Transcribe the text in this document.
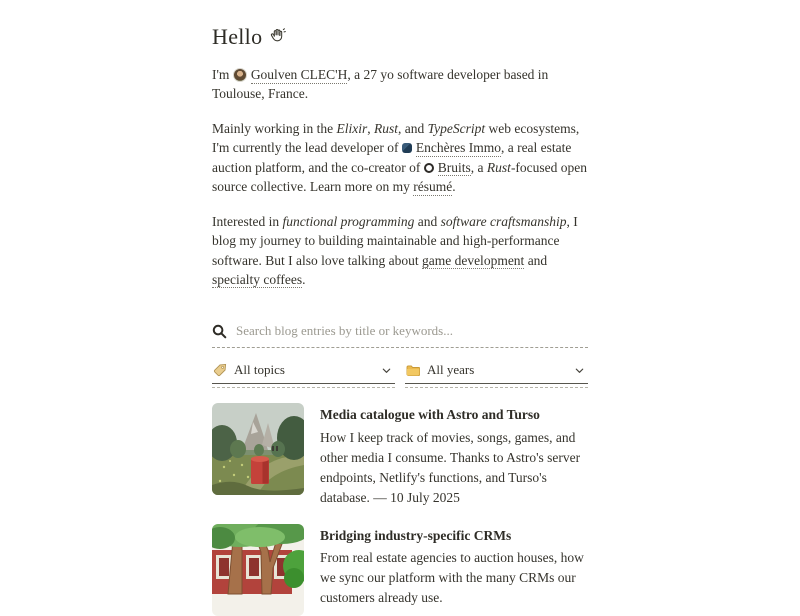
Hello

I'm Goulven CLEC'H, a 27 yo software developer based in Toulouse, France.

Mainly working in the Elixir, Rust, and TypeScript web ecosystems, I'm currently the lead developer of Enchères Immo, a real estate auction platform, and the co-creator of Bruits, a Rust-focused open source collective. Learn more on my résumé.

Interested in functional programming and software craftsmanship, I blog my journey to building maintainable and high-performance software. But I also love talking about game development and specialty coffees.

Search blog entries by title or keywords...
All topics	All years
Media catalogue with Astro and Turso
How I keep track of movies, songs, games, and other media I consume. Thanks to Astro's server endpoints, Netlify's functions, and Turso's database. — 10 July 2025
Bridging industry-specific CRMs
From real estate agencies to auction houses, how we sync our platform with the many CRMs our customers already use.
